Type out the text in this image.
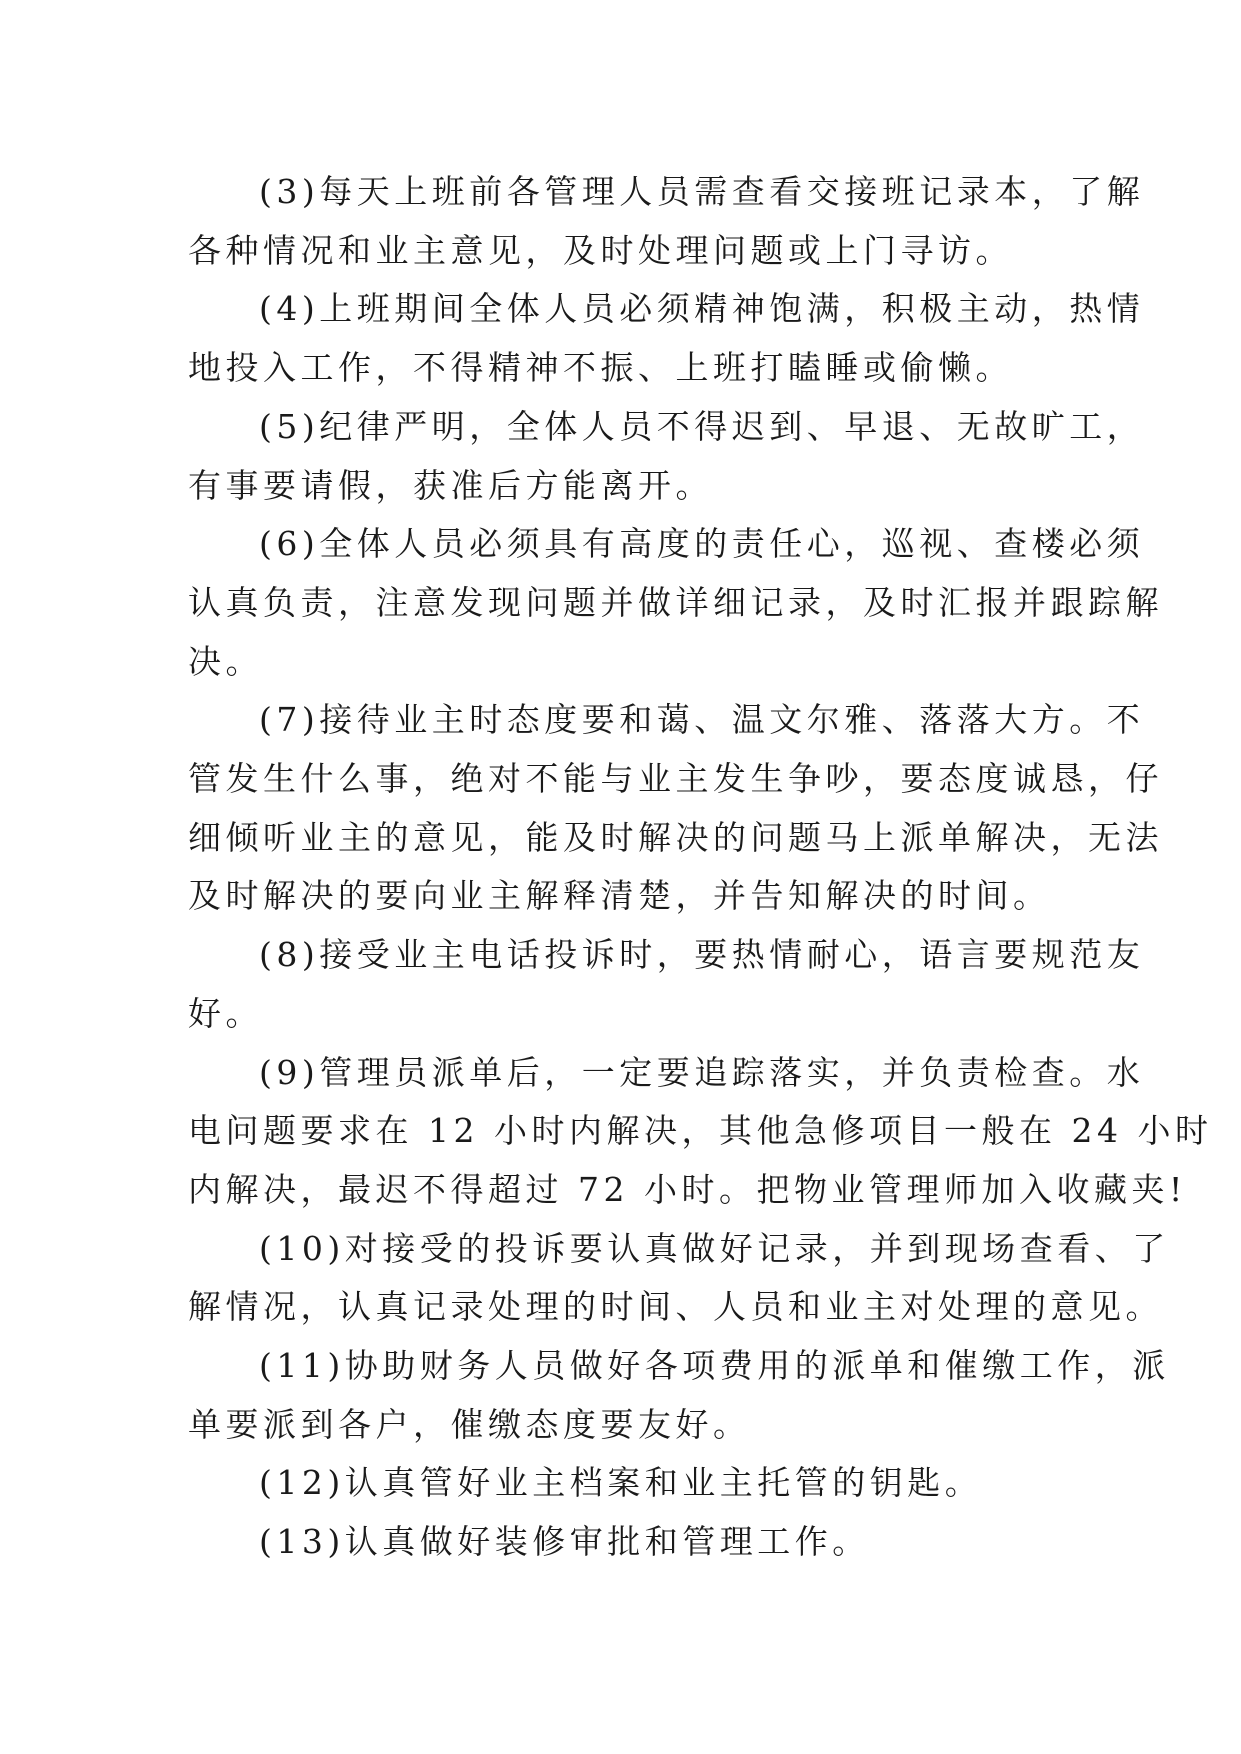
(3)每天上班前各管理人员需查看交接班记录本，了解
各种情况和业主意见，及时处理问题或上门寻访。

(4)上班期间全体人员必须精神饱满，积极主动，热情
地投入工作，不得精神不振、上班打瞌睡或偷懒。

(5)纪律严明，全体人员不得迟到、早退、无故旷工，
有事要请假，获准后方能离开。

(6)全体人员必须具有高度的责任心，巡视、查楼必须
认真负责，注意发现问题并做详细记录，及时汇报并跟踪解
决。

(7)接待业主时态度要和蔼、温文尔雅、落落大方。不
管发生什么事，绝对不能与业主发生争吵，要态度诚恳，仔
细倾听业主的意见，能及时解决的问题马上派单解决，无法
及时解决的要向业主解释清楚，并告知解决的时间。

(8)接受业主电话投诉时，要热情耐心，语言要规范友
好。

(9)管理员派单后，一定要追踪落实，并负责检查。水
电问题要求在 12 小时内解决，其他急修项目一般在 24 小时
内解决，最迟不得超过 72 小时。把物业管理师加入收藏夹!

(10)对接受的投诉要认真做好记录，并到现场查看、了
解情况，认真记录处理的时间、人员和业主对处理的意见。

(11)协助财务人员做好各项费用的派单和催缴工作，派
单要派到各户，催缴态度要友好。

(12)认真管好业主档案和业主托管的钥匙。

(13)认真做好装修审批和管理工作。
